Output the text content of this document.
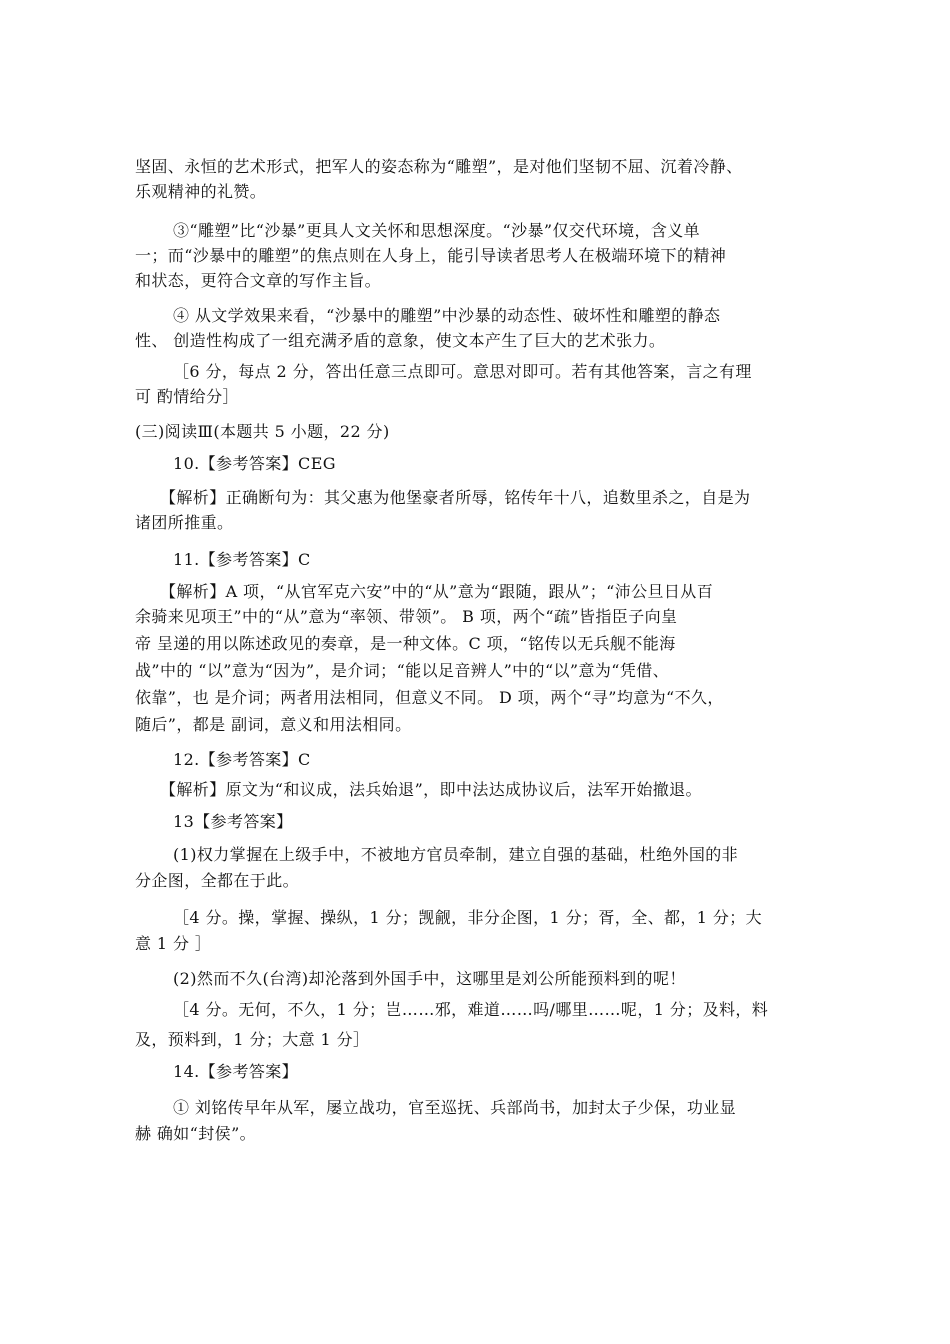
坚固、永恒的艺术形式，把军人的姿态称为“雕塑”，是对他们坚韧不屈、沉着冷静、
乐观精神的礼赞。
③“雕塑”比“沙暴”更具人文关怀和思想深度。“沙暴”仅交代环境，含义单
一；而“沙暴中的雕塑”的焦点则在人身上，能引导读者思考人在极端环境下的精神
和状态，更符合文章的写作主旨。
④ 从文学效果来看，“沙暴中的雕塑”中沙暴的动态性、破坏性和雕塑的静态
性、 创造性构成了一组充满矛盾的意象，使文本产生了巨大的艺术张力。
［6 分，每点 2 分，答出任意三点即可。意思对即可。若有其他答案，言之有理
可 酌情给分］
(三)阅读Ⅲ(本题共 5 小题，22 分)
10.【参考答案】CEG
【解析】正确断句为：其父惠为他堡豪者所辱，铭传年十八，追数里杀之，自是为
诸团所推重。
11.【参考答案】C
【解析】A 项，“从官军克六安”中的“从”意为“跟随，跟从”；“沛公旦日从百
余骑来见项王”中的“从”意为“率领、带领”。 B 项，两个“疏”皆指臣子向皇
帝 呈递的用以陈述政见的奏章，是一种文体。C 项，“铭传以无兵舰不能海
战”中的 “以”意为“因为”，是介词；“能以足音辨人”中的“以”意为“凭借、
依靠”，也 是介词；两者用法相同，但意义不同。 D 项，两个“寻”均意为“不久，
随后”，都是 副词，意义和用法相同。
12.【参考答案】C
【解析】原文为“和议成，法兵始退”，即中法达成协议后，法军开始撤退。
13【参考答案】
(1)权力掌握在上级手中，不被地方官员牵制，建立自强的基础，杜绝外国的非
分企图，全都在于此。
［4 分。操，掌握、操纵，1 分；觊觎，非分企图，1 分；胥，全、都，1 分；大
意 1 分 ］
(2)然而不久(台湾)却沦落到外国手中，这哪里是刘公所能预料到的呢！
［4 分。无何，不久，1 分；岂……邪，难道……吗/哪里……呢，1 分；及料，料
及，预料到，1 分；大意 1 分］
14.【参考答案】
① 刘铭传早年从军，屡立战功，官至巡抚、兵部尚书，加封太子少保，功业显
赫 确如“封侯”。
